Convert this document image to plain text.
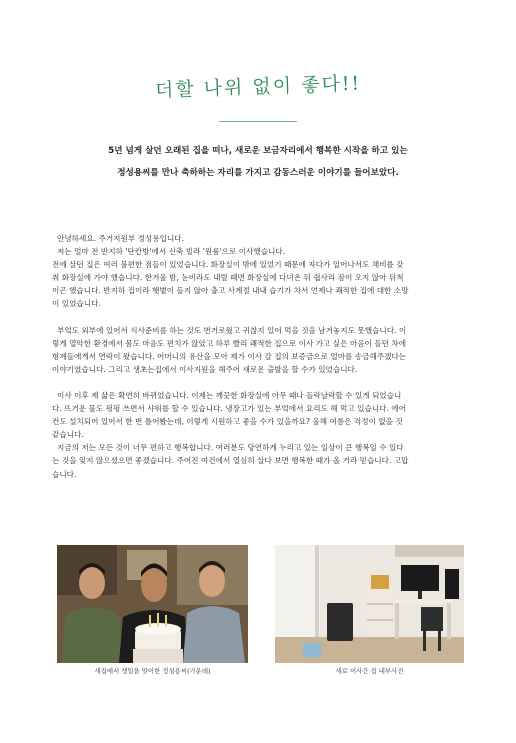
더할 나위 없이 좋다!!
5년 넘게 살던 오래된 집을 떠나, 새로운 보금자리에서 행복한 시작을 하고 있는
정성용씨를 만나 축하하는 자리를 가지고 감동스러운 이야기를 들어보았다.

안녕하세요. 주거지원부 정성용입니다.

저는 얼마 전 반지하 '단칸방'에서 신축 빌라 '원룸'으로 이사했습니다.

전에 살던 집은 여러 불편한 점들이 있었습니다. 화장실이 밖에 있었기 때문에 자다가 일어나서도 채비를 갖

춰 화장실에 가야 했습니다. 한겨울 밤, 눈비라도 내릴 때면 화장실에 다녀온 뒤 쉽사리 잠이 오지 않아 뒤척

이곤 했습니다. 반지하 집이라 햇볕이 들지 않아 춥고 사계절 내내 습기가 차서 언제나 쾌적한 집에 대한 소망

이 있었습니다.

부엌도 외부에 있어서 식사준비를 하는 것도 번거로웠고 귀찮지 있어 먹을 것을 남겨놓지도 못했습니다. 이

렇게 열악한 환경에서 몸도 마음도 편치가 않았고 하루 빨리 쾌적한 집으로 이사 가고 싶은 마음이 들던 차에

형제들에게서 연락이 왔습니다. 어머니의 유산을 모아 제가 이사 갈 집의 보증금으로 얼마를 송금해주겠다는

이야기였습니다. 그리고 생초는집에서 이사지원을 해주어 새로운 출발을 할 수가 있었습니다.

이사 이후 제 삶은 확연히 바뀌었습니다. 이제는 깨끗한 화장실에 아무 때나 들락날락할 수 있게 되었습니

다. 뜨거운 물도 펑펑 쓰면서 샤워를 할 수 있습니다. 냉장고가 있는 부엌에서 요리도 해 먹고 있습니다. 에어

컨도 설치되어 있어서 한 번 틀어봤는데, 이렇게 시원하고 좋을 수가 있을까요? 올해 여름은 걱정이 없을 것

같습니다.

지금의 저는 모든 것이 너무 편하고 행복합니다. 여러분도 당연하게 누리고 있는 일상이 큰 행복일 수 있다

는 것을 잊지 않으셨으면 좋겠습니다. 주어진 여건에서 열심히 살다 보면 행복한 때가 올 거라 믿습니다. 고맙

습니다.

새집에서 생일을 맞이한 정성용씨(가운데)	새로 이사간 집 내부사진
